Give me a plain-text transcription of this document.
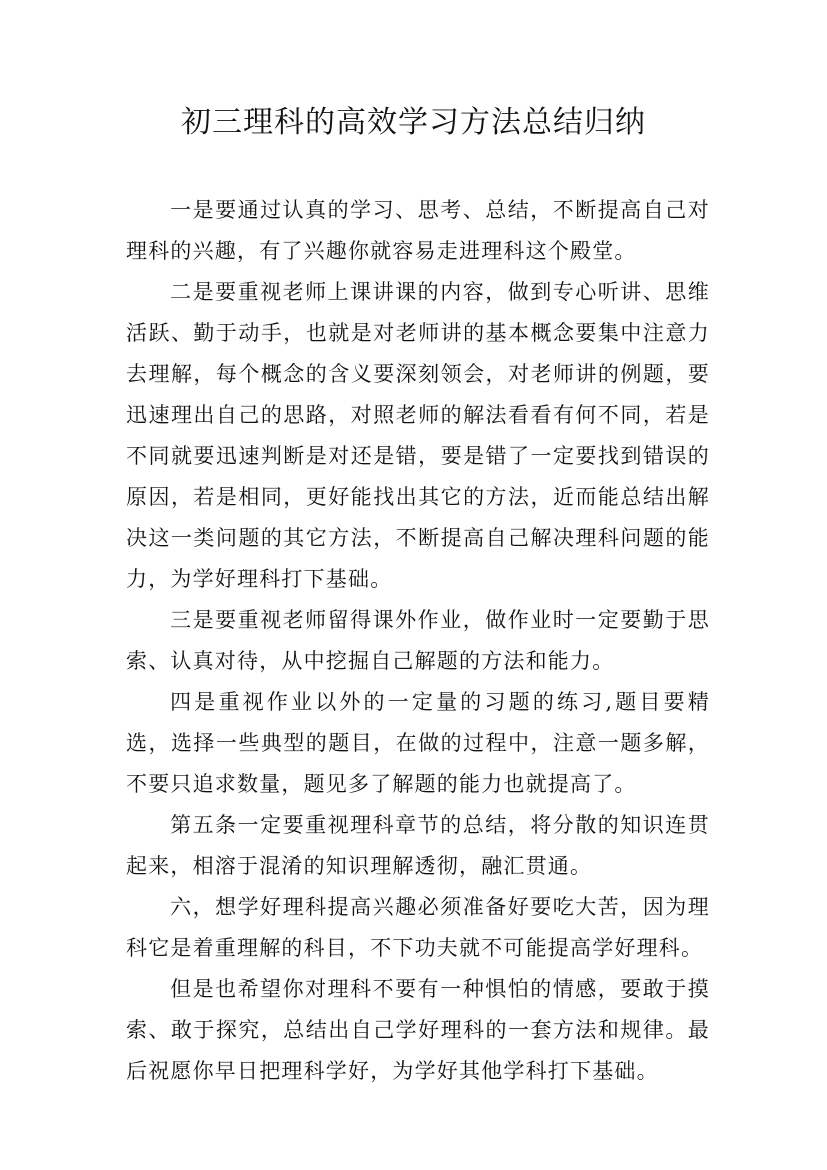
初三理科的高效学习方法总结归纳

一是要通过认真的学习、思考、总结，不断提高自己对理科的兴趣，有了兴趣你就容易走进理科这个殿堂。

二是要重视老师上课讲课的内容，做到专心听讲、思维活跃、勤于动手，也就是对老师讲的基本概念要集中注意力去理解，每个概念的含义要深刻领会，对老师讲的例题，要迅速理出自己的思路，对照老师的解法看看有何不同，若是不同就要迅速判断是对还是错，要是错了一定要找到错误的原因，若是相同，更好能找出其它的方法，近而能总结出解决这一类问题的其它方法，不断提高自己解决理科问题的能力，为学好理科打下基础。

三是要重视老师留得课外作业，做作业时一定要勤于思索、认真对待，从中挖掘自己解题的方法和能力。

四是重视作业以外的一定量的习题的练习,题目要精选，选择一些典型的题目，在做的过程中，注意一题多解，不要只追求数量，题见多了解题的能力也就提高了。

第五条一定要重视理科章节的总结，将分散的知识连贯起来，相溶于混淆的知识理解透彻，融汇贯通。

六，想学好理科提高兴趣必须准备好要吃大苦，因为理科它是着重理解的科目，不下功夫就不可能提高学好理科。

但是也希望你对理科不要有一种惧怕的情感，要敢于摸索、敢于探究，总结出自己学好理科的一套方法和规律。最后祝愿你早日把理科学好，为学好其他学科打下基础。
